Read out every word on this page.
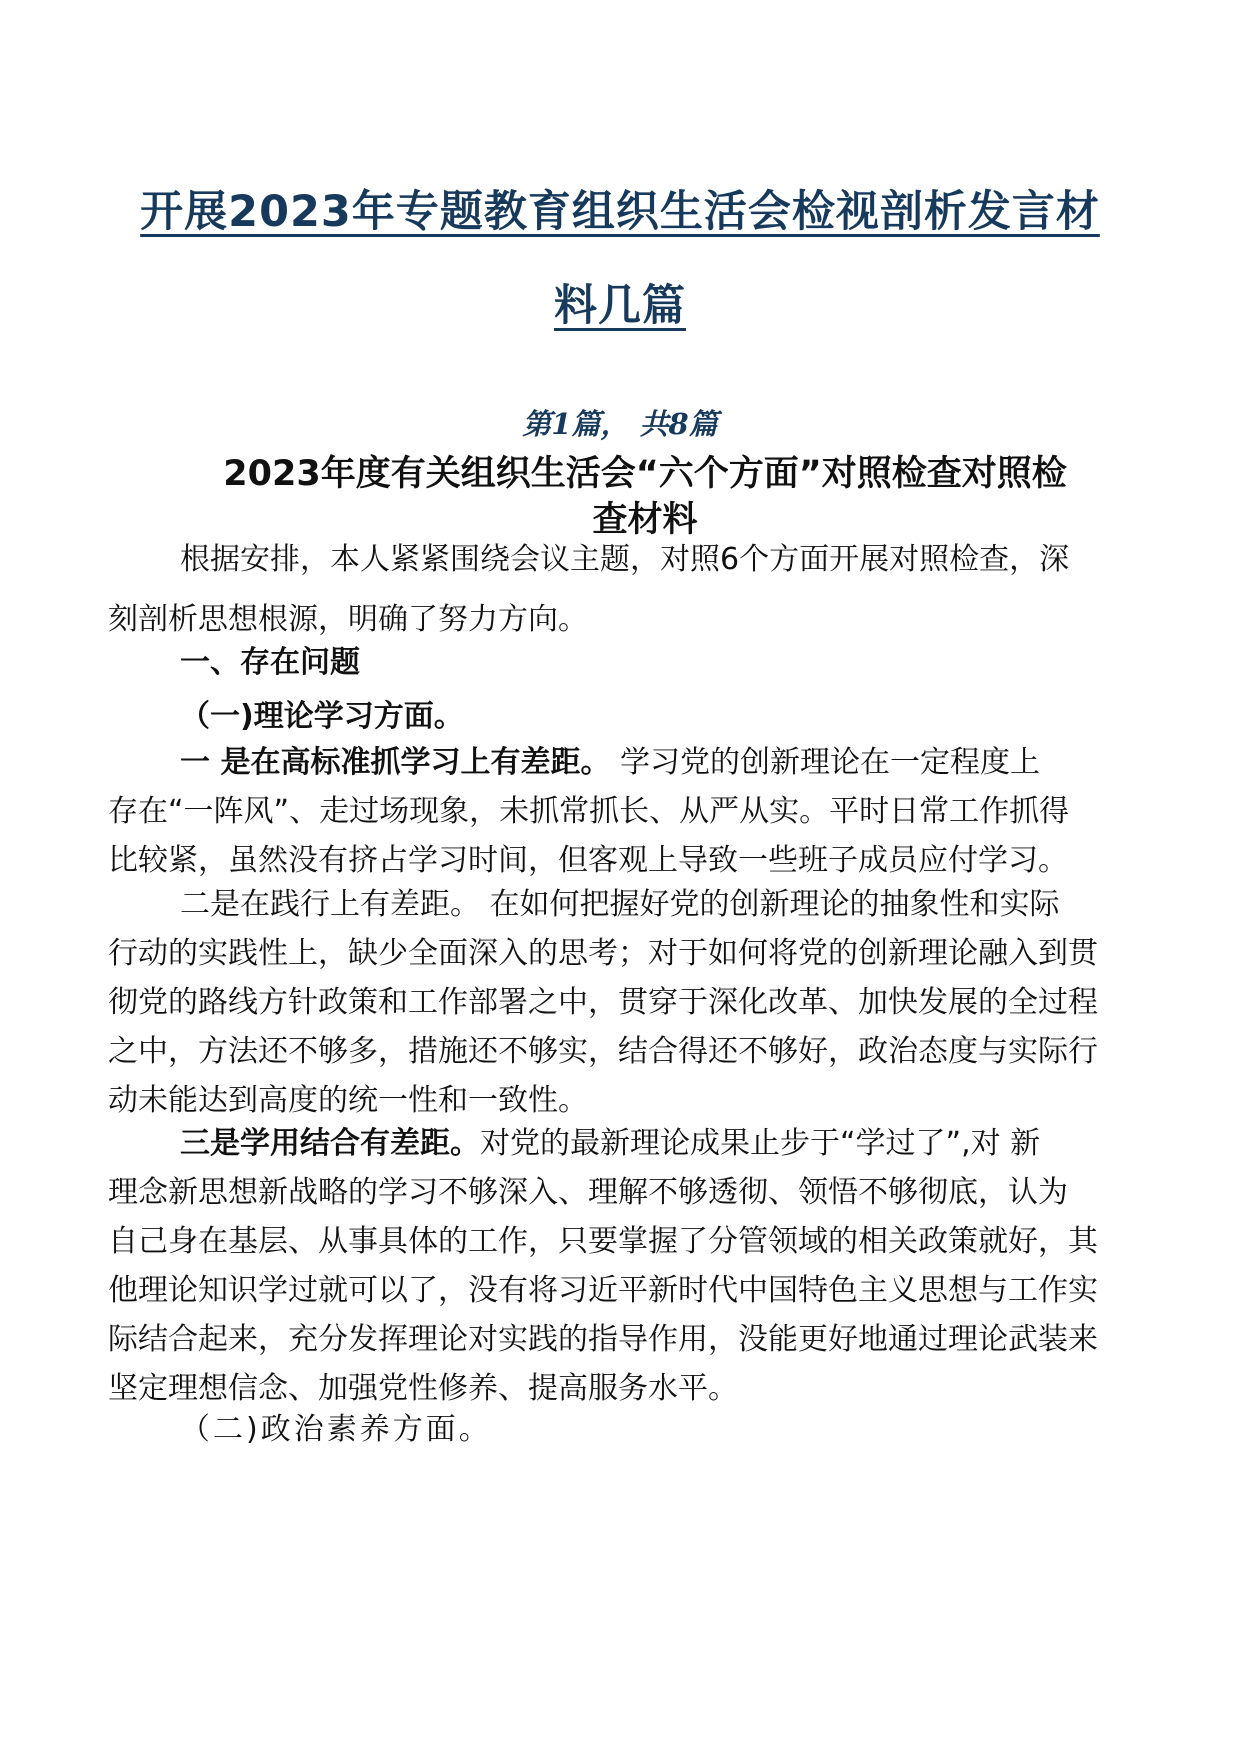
开展2023年专题教育组织生活会检视剖析发言材
料几篇
第1篇， 共8篇
2023年度有关组织生活会“六个方面”对照检查对照检
查材料
根据安排，本人紧紧围绕会议主题，对照6个方面开展对照检查，深
刻剖析思想根源，明确了努力方向。
一、存在问题
（一)理论学习方面。
一 是在高标准抓学习上有差距。 学习党的创新理论在一定程度上
存在“一阵风”、走过场现象，未抓常抓长、从严从实。平时日常工作抓得
比较紧，虽然没有挤占学习时间，但客观上导致一些班子成员应付学习。
二是在践行上有差距。 在如何把握好党的创新理论的抽象性和实际
行动的实践性上，缺少全面深入的思考；对于如何将党的创新理论融入到贯
彻党的路线方针政策和工作部署之中，贯穿于深化改革、加快发展的全过程
之中，方法还不够多，措施还不够实，结合得还不够好，政治态度与实际行
动未能达到高度的统一性和一致性。
三是学用结合有差距。对党的最新理论成果止步于“学过了”,对 新
理念新思想新战略的学习不够深入、理解不够透彻、领悟不够彻底，认为
自己身在基层、从事具体的工作，只要掌握了分管领域的相关政策就好，其
他理论知识学过就可以了，没有将习近平新时代中国特色主义思想与工作实
际结合起来，充分发挥理论对实践的指导作用，没能更好地通过理论武装来
坚定理想信念、加强党性修养、提高服务水平。
（二)政治素养方面。
